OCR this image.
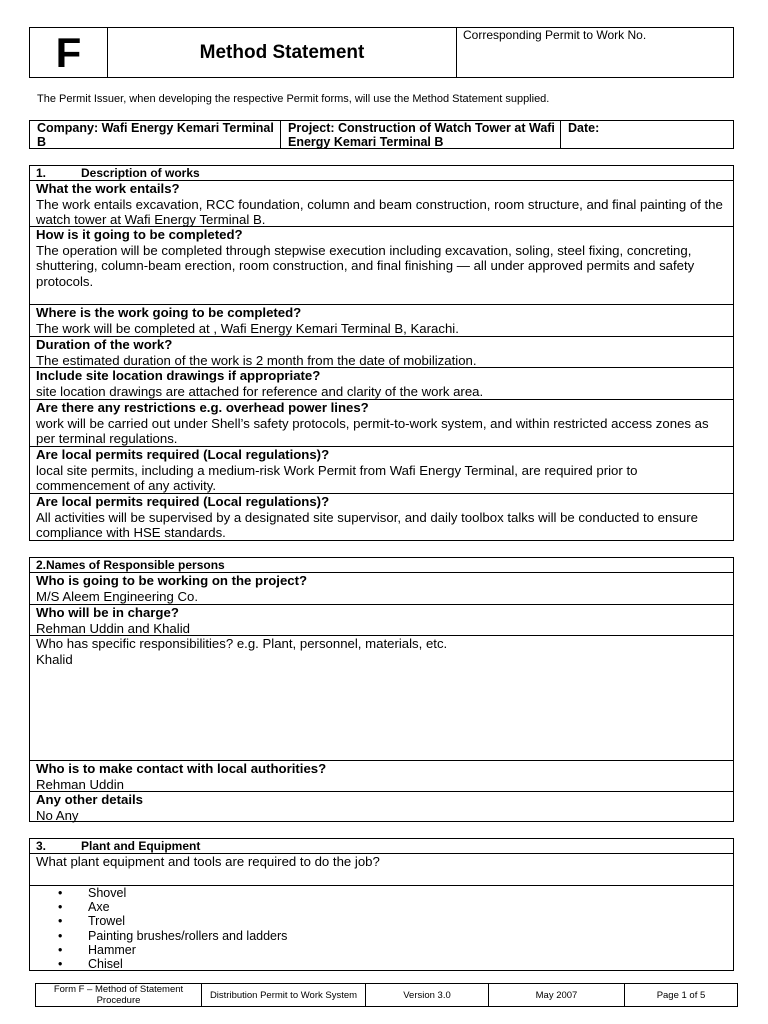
F	Method Statement
Corresponding Permit to Work No.
The Permit Issuer, when developing the respective Permit forms, will use the Method Statement supplied.
Company: Wafi Energy Kemari Terminal B
Project: Construction of Watch Tower at Wafi Energy Kemari Terminal B
Date:
1.	Description of works
What the work entails?
The work entails excavation, RCC foundation, column and beam construction, room structure, and final painting of the watch tower at Wafi Energy Terminal B.
How is it going to be completed?
The operation will be completed through stepwise execution including excavation, soling, steel fixing, concreting, shuttering, column-beam erection, room construction, and final finishing — all under approved permits and safety protocols.
Where is the work going to be completed?
The work will be completed at , Wafi Energy Kemari Terminal B, Karachi.
Duration of the work?
The estimated duration of the work is 2 month from the date of mobilization.
Include site location drawings if appropriate?
site location drawings are attached for reference and clarity of the work area.
Are there any restrictions e.g. overhead power lines?
work will be carried out under Shell’s safety protocols, permit-to-work system, and within restricted access zones as per terminal regulations.
Are local permits required (Local regulations)?
local site permits, including a medium-risk Work Permit from Wafi Energy Terminal, are required prior to commencement of any activity.
Are local permits required (Local regulations)?
All activities will be supervised by a designated site supervisor, and daily toolbox talks will be conducted to ensure compliance with HSE standards.
2.Names of Responsible persons
Who is going to be working on the project?
M/S Aleem Engineering Co.
Who will be in charge?
Rehman Uddin and Khalid
Who has specific responsibilities? e.g. Plant, personnel, materials, etc.
Khalid
Who is to make contact with local authorities?
Rehman Uddin
Any other details
No Any
3.	Plant and Equipment
What plant equipment and tools are required to do the job?
• Shovel
• Axe
• Trowel
• Painting brushes/rollers and ladders
• Hammer
• Chisel
Form F – Method of Statement Procedure	Distribution Permit to Work System	Version 3.0	May 2007	Page 1 of 5
